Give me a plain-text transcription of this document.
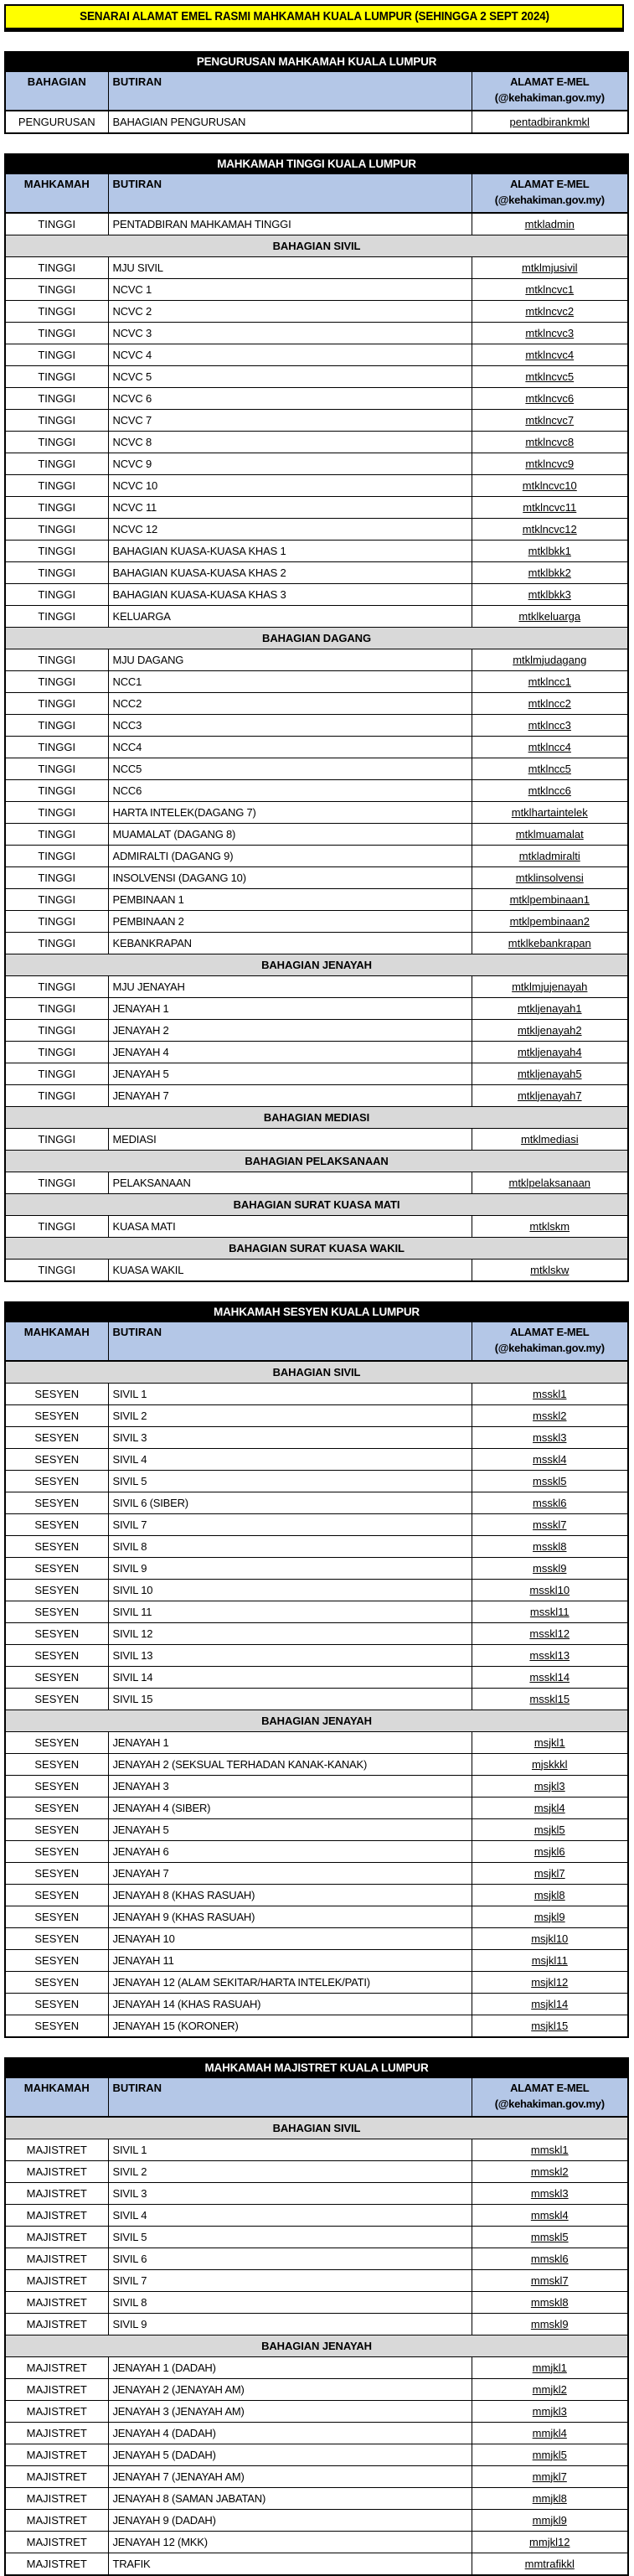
SENARAI ALAMAT EMEL RASMI MAHKAMAH KUALA LUMPUR (SEHINGGA 2 SEPT 2024)
PENGURUSAN MAHKAMAH KUALA LUMPUR		
BAHAGIAN	BUTIRAN	ALAMAT E-MEL
(@kehakiman.gov.my)

PENGURUSAN	BAHAGIAN PENGURUSAN	pentadbirankmkl
MAHKAMAH TINGGI KUALA LUMPUR		
MAHKAMAH	BUTIRAN	ALAMAT E-MEL
(@kehakiman.gov.my)

TINGGI	PENTADBIRAN MAHKAMAH TINGGI	mtkladmin
BAHAGIAN SIVIL		
TINGGI	MJU SIVIL	mtklmjusivil
TINGGI	NCVC 1	mtklncvc1
TINGGI	NCVC 2	mtklncvc2
TINGGI	NCVC 3	mtklncvc3
TINGGI	NCVC 4	mtklncvc4
TINGGI	NCVC 5	mtklncvc5
TINGGI	NCVC 6	mtklncvc6
TINGGI	NCVC 7	mtklncvc7
TINGGI	NCVC 8	mtklncvc8
TINGGI	NCVC 9	mtklncvc9
TINGGI	NCVC 10	mtklncvc10
TINGGI	NCVC 11	mtklncvc11
TINGGI	NCVC 12	mtklncvc12
TINGGI	BAHAGIAN KUASA-KUASA KHAS 1	mtklbkk1
TINGGI	BAHAGIAN KUASA-KUASA KHAS 2	mtklbkk2
TINGGI	BAHAGIAN KUASA-KUASA KHAS 3	mtklbkk3
TINGGI	KELUARGA	mtklkeluarga
BAHAGIAN DAGANG		
TINGGI	MJU DAGANG	mtklmjudagang
TINGGI	NCC1	mtklncc1
TINGGI	NCC2	mtklncc2
TINGGI	NCC3	mtklncc3
TINGGI	NCC4	mtklncc4
TINGGI	NCC5	mtklncc5
TINGGI	NCC6	mtklncc6
TINGGI	HARTA INTELEK(DAGANG 7)	mtklhartaintelek
TINGGI	MUAMALAT (DAGANG 8)	mtklmuamalat
TINGGI	ADMIRALTI (DAGANG 9)	mtkladmiralti
TINGGI	INSOLVENSI (DAGANG 10)	mtklinsolvensi
TINGGI	PEMBINAAN 1	mtklpembinaan1
TINGGI	PEMBINAAN 2	mtklpembinaan2
TINGGI	KEBANKRAPAN	mtklkebankrapan
BAHAGIAN JENAYAH		
TINGGI	MJU JENAYAH	mtklmjujenayah
TINGGI	JENAYAH 1	mtkljenayah1
TINGGI	JENAYAH 2	mtkljenayah2
TINGGI	JENAYAH 4	mtkljenayah4
TINGGI	JENAYAH 5	mtkljenayah5
TINGGI	JENAYAH 7	mtkljenayah7
BAHAGIAN MEDIASI		
TINGGI	MEDIASI	mtklmediasi
BAHAGIAN PELAKSANAAN		
TINGGI	PELAKSANAAN	mtklpelaksanaan
BAHAGIAN SURAT KUASA MATI		
TINGGI	KUASA MATI	mtklskm
BAHAGIAN SURAT KUASA WAKIL		
TINGGI	KUASA WAKIL	mtklskw
MAHKAMAH SESYEN KUALA LUMPUR		
MAHKAMAH	BUTIRAN	ALAMAT E-MEL
(@kehakiman.gov.my)

BAHAGIAN SIVIL		
SESYEN	SIVIL 1	msskl1
SESYEN	SIVIL 2	msskl2
SESYEN	SIVIL 3	msskl3
SESYEN	SIVIL 4	msskl4
SESYEN	SIVIL 5	msskl5
SESYEN	SIVIL 6 (SIBER)	msskl6
SESYEN	SIVIL 7	msskl7
SESYEN	SIVIL 8	msskl8
SESYEN	SIVIL 9	msskl9
SESYEN	SIVIL 10	msskl10
SESYEN	SIVIL 11	msskl11
SESYEN	SIVIL 12	msskl12
SESYEN	SIVIL 13	msskl13
SESYEN	SIVIL 14	msskl14
SESYEN	SIVIL 15	msskl15
BAHAGIAN JENAYAH		
SESYEN	JENAYAH 1	msjkl1
SESYEN	JENAYAH 2 (SEKSUAL TERHADAN KANAK-KANAK)	mjskkkl
SESYEN	JENAYAH 3	msjkl3
SESYEN	JENAYAH 4 (SIBER)	msjkl4
SESYEN	JENAYAH 5	msjkl5
SESYEN	JENAYAH 6	msjkl6
SESYEN	JENAYAH 7	msjkl7
SESYEN	JENAYAH 8 (KHAS RASUAH)	msjkl8
SESYEN	JENAYAH 9 (KHAS RASUAH)	msjkl9
SESYEN	JENAYAH 10	msjkl10
SESYEN	JENAYAH 11	msjkl11
SESYEN	JENAYAH 12 (ALAM SEKITAR/HARTA INTELEK/PATI)	msjkl12
SESYEN	JENAYAH 14 (KHAS RASUAH)	msjkl14
SESYEN	JENAYAH 15 (KORONER)	msjkl15
MAHKAMAH MAJISTRET KUALA LUMPUR		
MAHKAMAH	BUTIRAN	ALAMAT E-MEL
(@kehakiman.gov.my)

BAHAGIAN SIVIL		
MAJISTRET	SIVIL 1	mmskl1
MAJISTRET	SIVIL 2	mmskl2
MAJISTRET	SIVIL 3	mmskl3
MAJISTRET	SIVIL 4	mmskl4
MAJISTRET	SIVIL 5	mmskl5
MAJISTRET	SIVIL 6	mmskl6
MAJISTRET	SIVIL 7	mmskl7
MAJISTRET	SIVIL 8	mmskl8
MAJISTRET	SIVIL 9	mmskl9
BAHAGIAN JENAYAH		
MAJISTRET	JENAYAH 1 (DADAH)	mmjkl1
MAJISTRET	JENAYAH 2 (JENAYAH AM)	mmjkl2
MAJISTRET	JENAYAH 3 (JENAYAH AM)	mmjkl3
MAJISTRET	JENAYAH 4 (DADAH)	mmjkl4
MAJISTRET	JENAYAH 5 (DADAH)	mmjkl5
MAJISTRET	JENAYAH 7 (JENAYAH AM)	mmjkl7
MAJISTRET	JENAYAH 8 (SAMAN JABATAN)	mmjkl8
MAJISTRET	JENAYAH 9 (DADAH)	mmjkl9
MAJISTRET	JENAYAH 12 (MKK)	mmjkl12
MAJISTRET	TRAFIK	mmtrafikkl
